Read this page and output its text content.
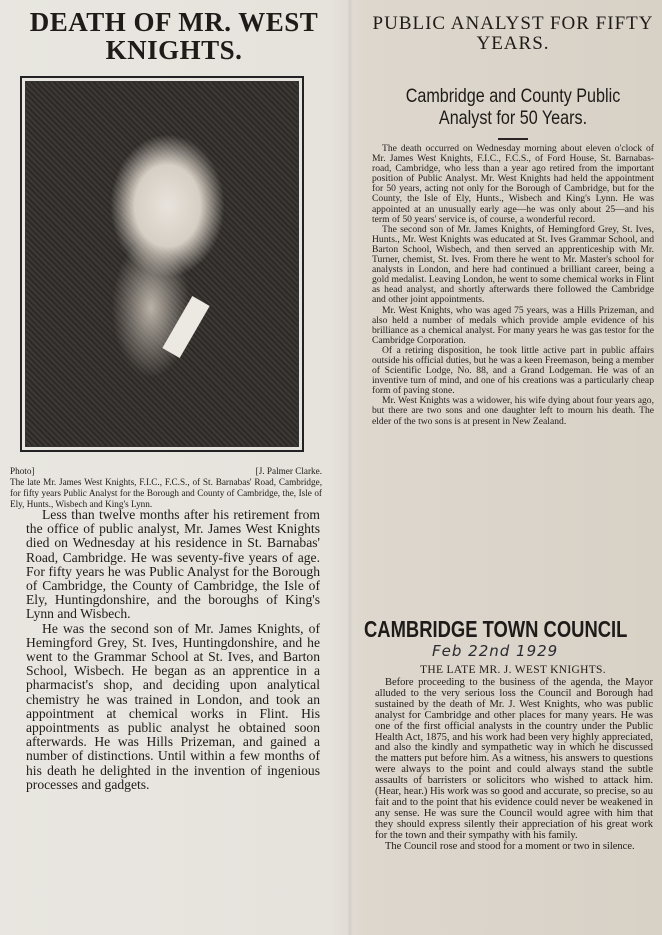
DEATH OF MR. WEST KNIGHTS.
Photo]	[J. Palmer Clarke.
The late Mr. James West Knights, F.I.C., F.C.S., of St. Barnabas' Road, Cambridge, for fifty years Public Analyst for the Borough and County of Cambridge, the, Isle of Ely, Hunts., Wisbech and King's Lynn.

Less than twelve months after his retirement from the office of public analyst, Mr. James West Knights died on Wednesday at his residence in St. Barnabas' Road, Cambridge. He was seventy-five years of age. For fifty years he was Public Analyst for the Borough of Cambridge, the County of Cambridge, the Isle of Ely, Huntingdonshire, and the boroughs of King's Lynn and Wisbech.

He was the second son of Mr. James Knights, of Hemingford Grey, St. Ives, Huntingdonshire, and he went to the Grammar School at St. Ives, and Barton School, Wisbech. He began as an apprentice in a pharmacist's shop, and deciding upon analytical chemistry he was trained in London, and took an appointment at chemical works in Flint. His appointments as public analyst he obtained soon afterwards. He was Hills Prizeman, and gained a number of distinctions. Until within a few months of his death he delighted in the invention of ingenious processes and gadgets.

PUBLIC ANALYST FOR FIFTY YEARS.
Cambridge and County Public Analyst for 50 Years.

The death occurred on Wednesday morning about eleven o'clock of Mr. James West Knights, F.I.C., F.C.S., of Ford House, St. Barnabas-road, Cambridge, who less than a year ago retired from the important position of Public Analyst. Mr. West Knights had held the appointment for 50 years, acting not only for the Borough of Cambridge, but for the County, the Isle of Ely, Hunts., Wisbech and King's Lynn. He was appointed at an unusually early age—he was only about 25—and his term of 50 years' service is, of course, a wonderful record.

The second son of Mr. James Knights, of Hemingford Grey, St. Ives, Hunts., Mr. West Knights was educated at St. Ives Grammar School, and Barton School, Wisbech, and then served an apprenticeship with Mr. Turner, chemist, St. Ives. From there he went to Mr. Master's school for analysts in London, and here had continued a brilliant career, being a gold medalist. Leaving London, he went to some chemical works in Flint as head analyst, and shortly afterwards there followed the Cambridge and other joint appointments.

Mr. West Knights, who was aged 75 years, was a Hills Prizeman, and also held a number of medals which provide ample evidence of his brilliance as a chemical analyst. For many years he was gas testor for the Cambridge Corporation.

Of a retiring disposition, he took little active part in public affairs outside his official duties, but he was a keen Freemason, being a member of Scientific Lodge, No. 88, and a Grand Lodgeman. He was of an inventive turn of mind, and one of his creations was a particularly cheap form of paving stone.

Mr. West Knights was a widower, his wife dying about four years ago, but there are two sons and one daughter left to mourn his death. The elder of the two sons is at present in New Zealand.

CAMBRIDGE TOWN COUNCIL
Feb 22nd 1929
THE LATE MR. J. WEST KNIGHTS.

Before proceeding to the business of the agenda, the Mayor alluded to the very serious loss the Council and Borough had sustained by the death of Mr. J. West Knights, who was public analyst for Cambridge and other places for many years. He was one of the first official analysts in the country under the Public Health Act, 1875, and his work had been very highly appreciated, and also the kindly and sympathetic way in which he discussed the matters put before him. As a witness, his answers to questions were always to the point and could always stand the subtle assaults of barristers or solicitors who wished to attack him. (Hear, hear.) His work was so good and accurate, so precise, so au fait and to the point that his evidence could never be weakened in any sense. He was sure the Council would agree with him that they should express silently their appreciation of his great work for the town and their sympathy with his family.

The Council rose and stood for a moment or two in silence.
